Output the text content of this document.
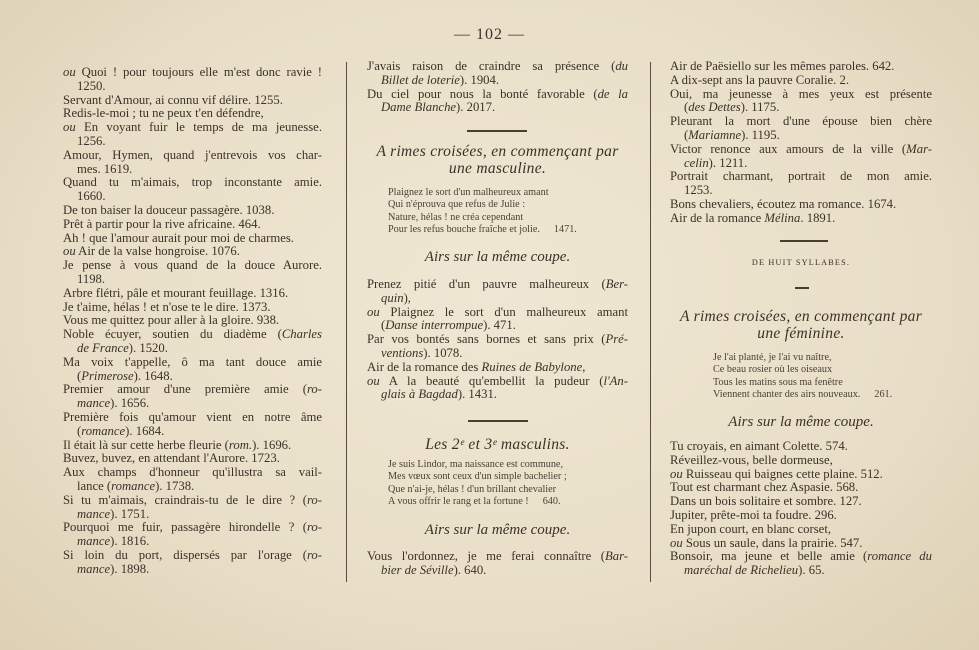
— 102 —
ou Quoi ! pour toujours elle m'est donc ravie !
1250.
Servant d'Amour, ai connu vif délire. 1255.
Redis-le-moi ; tu ne peux t'en défendre,
ou En voyant fuir le temps de ma jeunesse.
1256.
Amour, Hymen, quand j'entrevois vos char-
mes. 1619.
Quand tu m'aimais, trop inconstante amie.
1660.
De ton baiser la douceur passagère. 1038.
Prêt à partir pour la rive africaine. 464.
Ah ! que l'amour aurait pour moi de charmes.
ou Air de la valse hongroise. 1076.
Je pense à vous quand de la douce Aurore.
1198.
Arbre flétri, pâle et mourant feuillage. 1316.
Je t'aime, hélas ! et n'ose te le dire. 1373.
Vous me quittez pour aller à la gloire. 938.
Noble écuyer, soutien du diadème (Charles
de France). 1520.
Ma voix t'appelle, ô ma tant douce amie
(Primerose). 1648.
Premier amour d'une première amie (ro-
mance). 1656.
Première fois qu'amour vient en notre âme
(romance). 1684.
Il était là sur cette herbe fleurie (rom.). 1696.
Buvez, buvez, en attendant l'Aurore. 1723.
Aux champs d'honneur qu'illustra sa vail-
lance (romance). 1738.
Si tu m'aimais, craindrais-tu de le dire ? (ro-
mance). 1751.
Pourquoi me fuir, passagère hirondelle ? (ro-
mance). 1816.
Si loin du port, dispersés par l'orage (ro-
mance). 1898.
J'avais raison de craindre sa présence (du
Billet de loterie). 1904.
Du ciel pour nous la bonté favorable (de la
Dame Blanche). 2017.
A rimes croisées, en commençant par
une masculine.
Plaignez le sort d'un malheureux amant
Qui n'éprouva que refus de Julie :
Nature, hélas ! ne créa cependant
Pour les refus bouche fraîche et jolie. 1471.
Airs sur la même coupe.
Prenez pitié d'un pauvre malheureux (Ber-
quin),
ou Plaignez le sort d'un malheureux amant
(Danse interrompue). 471.
Par vos bontés sans bornes et sans prix (Pré-
ventions). 1078.
Air de la romance des Ruines de Babylone,
ou A la beauté qu'embellit la pudeur (l'An-
glais à Bagdad). 1431.
Les 2ᵉ et 3ᵉ masculins.
Je suis Lindor, ma naissance est commune,
Mes vœux sont ceux d'un simple bachelier ;
Que n'ai-je, hélas ! d'un brillant chevalier
A vous offrir le rang et la fortune ! 640.
Airs sur la même coupe.
Vous l'ordonnez, je me ferai connaître (Bar-
bier de Séville). 640.
Air de Paësiello sur les mêmes paroles. 642.
A dix-sept ans la pauvre Coralie. 2.
Oui, ma jeunesse à mes yeux est présente
(des Dettes). 1175.
Pleurant la mort d'une épouse bien chère
(Mariamne). 1195.
Victor renonce aux amours de la ville (Mar-
celin). 1211.
Portrait charmant, portrait de mon amie.
1253.
Bons chevaliers, écoutez ma romance. 1674.
Air de la romance Mélina. 1891.
DE HUIT SYLLABES.
A rimes croisées, en commençant par
une féminine.
Je l'ai planté, je l'ai vu naître,
Ce beau rosier où les oiseaux
Tous les matins sous ma fenêtre
Viennent chanter des airs nouveaux. 261.
Airs sur la même coupe.
Tu croyais, en aimant Colette. 574.
Réveillez-vous, belle dormeuse,
ou Ruisseau qui baignes cette plaine. 512.
Tout est charmant chez Aspasie. 568.
Dans un bois solitaire et sombre. 127.
Jupiter, prête-moi ta foudre. 296.
En jupon court, en blanc corset,
ou Sous un saule, dans la prairie. 547.
Bonsoir, ma jeune et belle amie (romance du
maréchal de Richelieu). 65.
